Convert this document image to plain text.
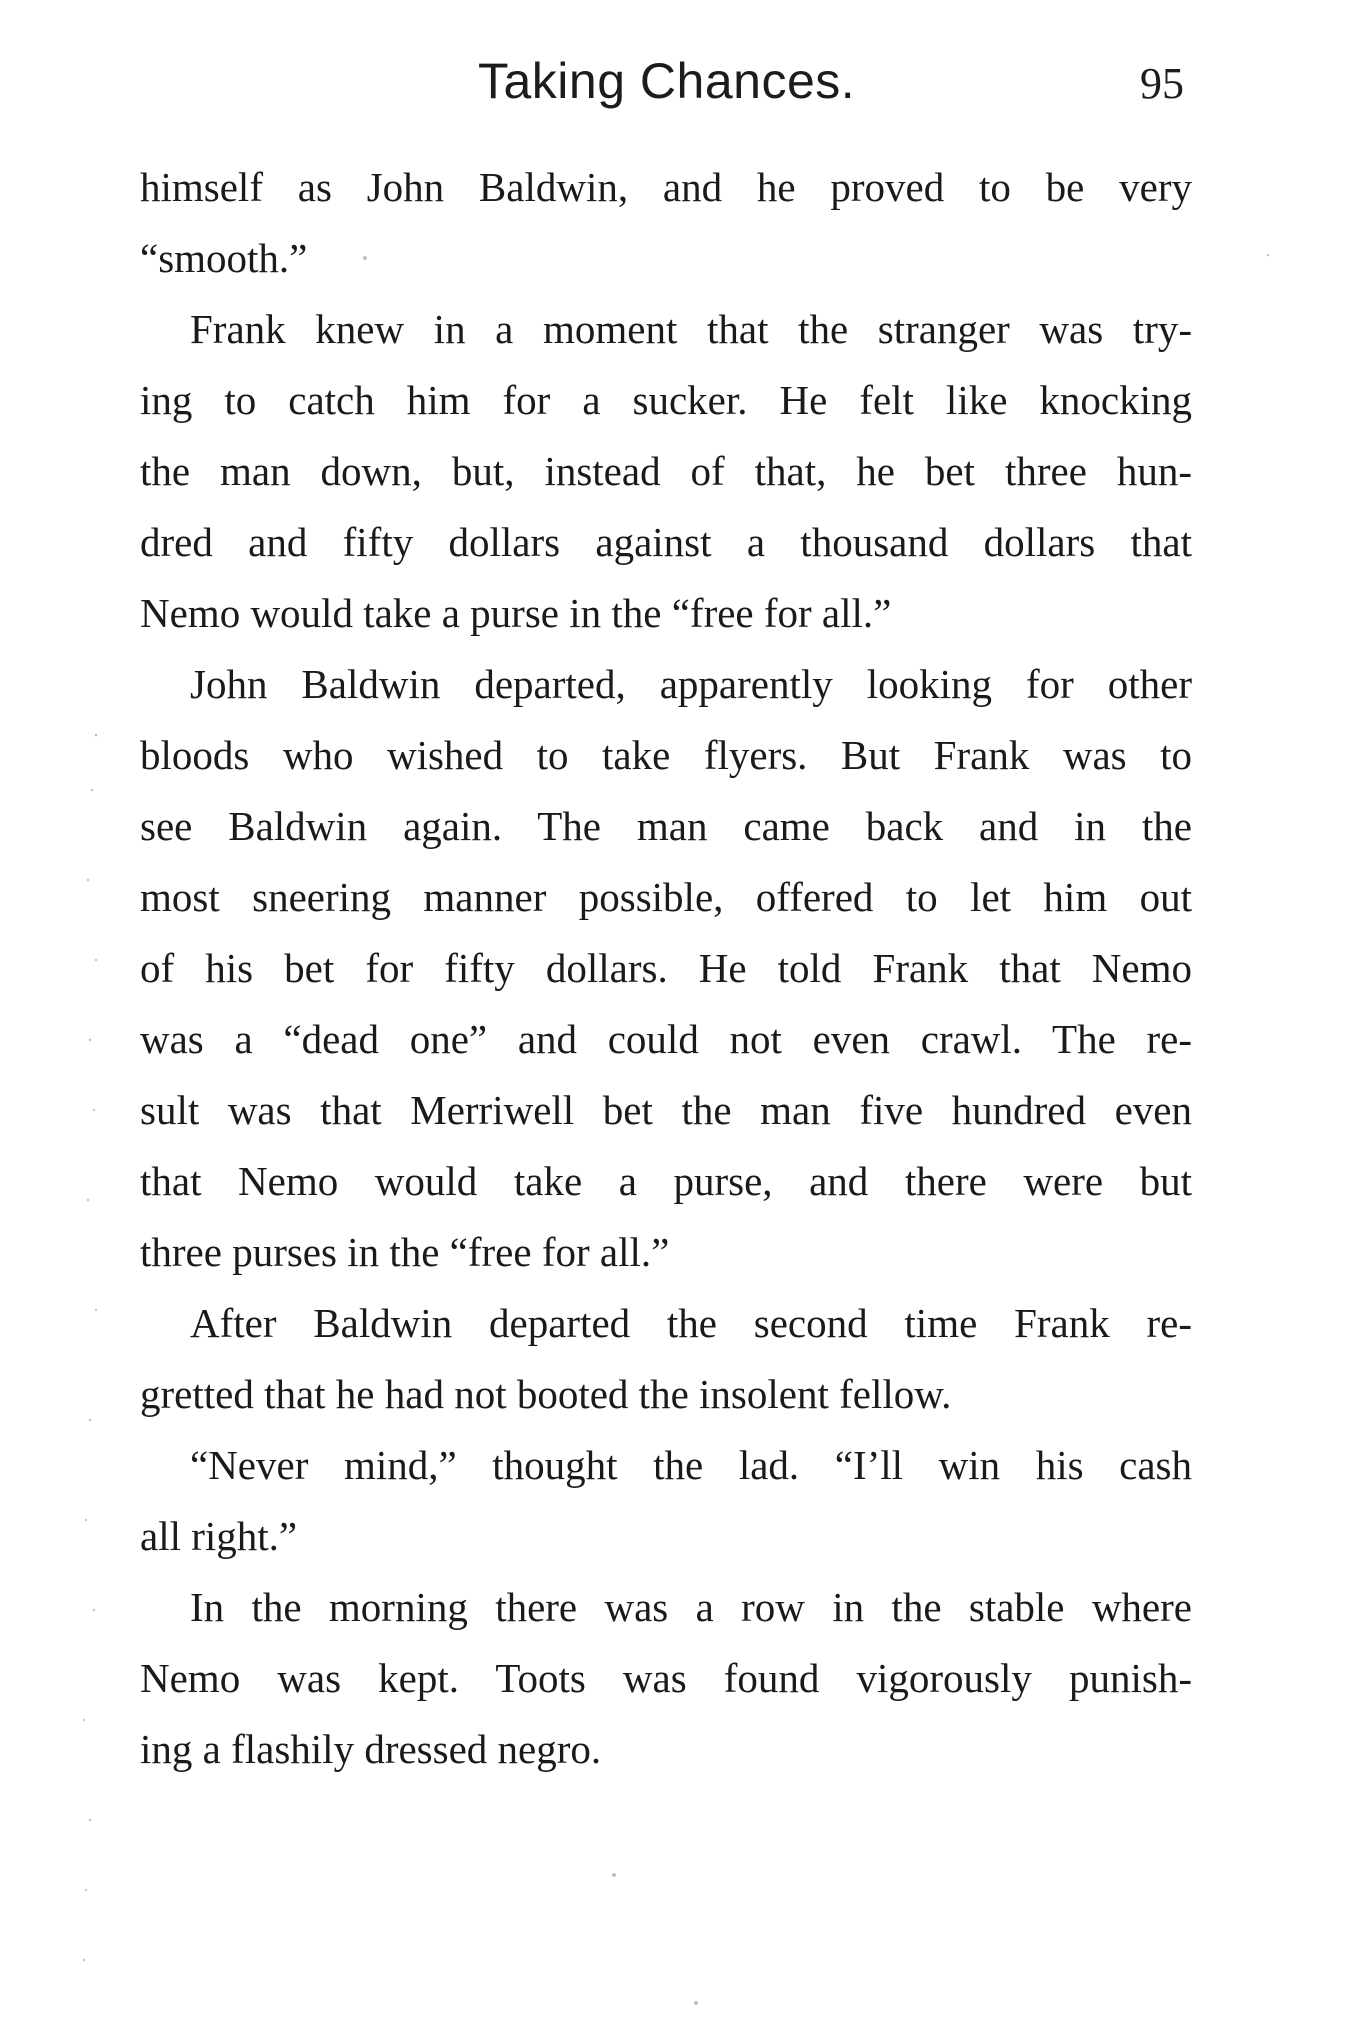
Taking Chances.	95
himself as John Baldwin, and he proved to be very
“smooth.”
Frank knew in a moment that the stranger was try-
ing to catch him for a sucker. He felt like knocking
the man down, but, instead of that, he bet three hun-
dred and fifty dollars against a thousand dollars that
Nemo would take a purse in the “free for all.”
John Baldwin departed, apparently looking for other
bloods who wished to take flyers. But Frank was to
see Baldwin again. The man came back and in the
most sneering manner possible, offered to let him out
of his bet for fifty dollars. He told Frank that Nemo
was a “dead one” and could not even crawl. The re-
sult was that Merriwell bet the man five hundred even
that Nemo would take a purse, and there were but
three purses in the “free for all.”
After Baldwin departed the second time Frank re-
gretted that he had not booted the insolent fellow.
“Never mind,” thought the lad. “I’ll win his cash
all right.”
In the morning there was a row in the stable where
Nemo was kept. Toots was found vigorously punish-
ing a flashily dressed negro.
